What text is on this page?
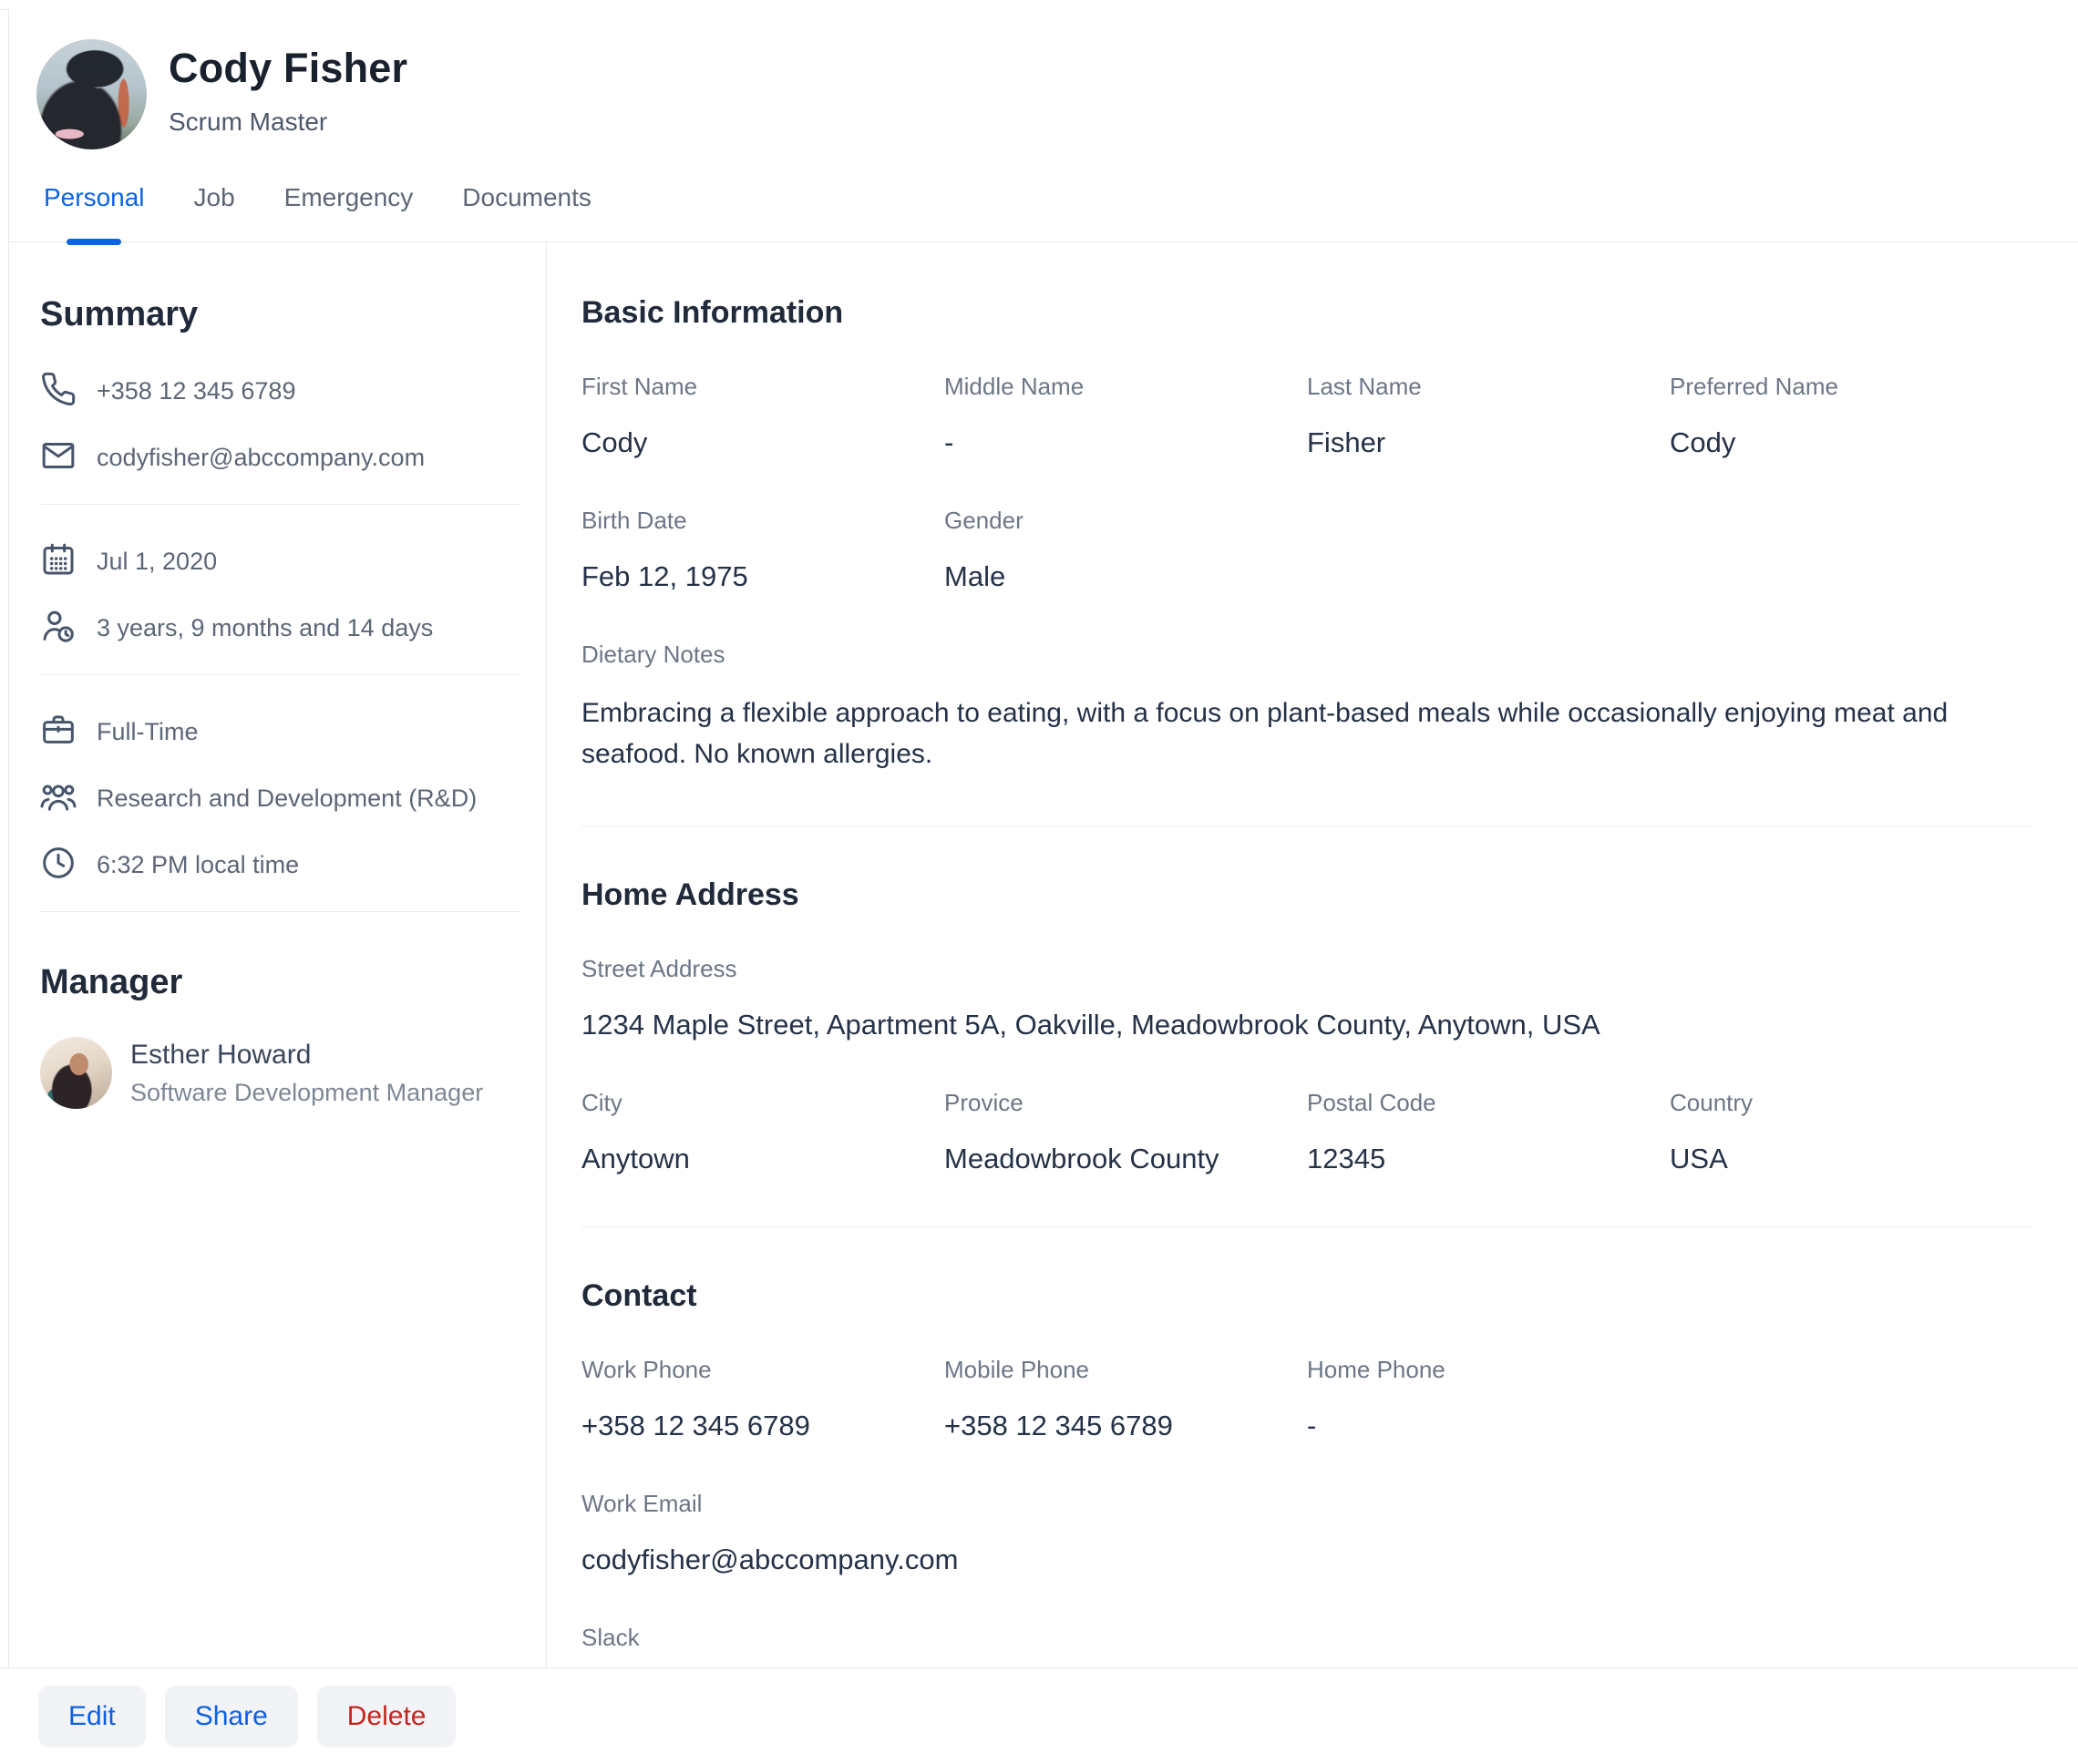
Cody Fisher
Scrum Master
Personal Job Emergency Documents
Summary
+358 12 345 6789
codyfisher@abccompany.com
Jul 1, 2020
3 years, 9 months and 14 days
Full-Time
Research and Development (R&D)
6:32 PM local time
Manager
Esther Howard
Software Development Manager
Basic Information
First Name
Cody
Middle Name
-
Last Name
Fisher
Preferred Name
Cody
Birth Date
Feb 12, 1975
Gender
Male
Dietary Notes
Embracing a flexible approach to eating, with a focus on plant-based meals while occasionally enjoying meat and seafood. No known allergies.
Home Address
Street Address
1234 Maple Street, Apartment 5A, Oakville, Meadowbrook County, Anytown, USA
City
Anytown
Provice
Meadowbrook County
Postal Code
12345
Country
USA
Contact
Work Phone
+358 12 345 6789
Mobile Phone
+358 12 345 6789
Home Phone
-
Work Email
codyfisher@abccompany.com
Slack
Edit	Share	Delete
